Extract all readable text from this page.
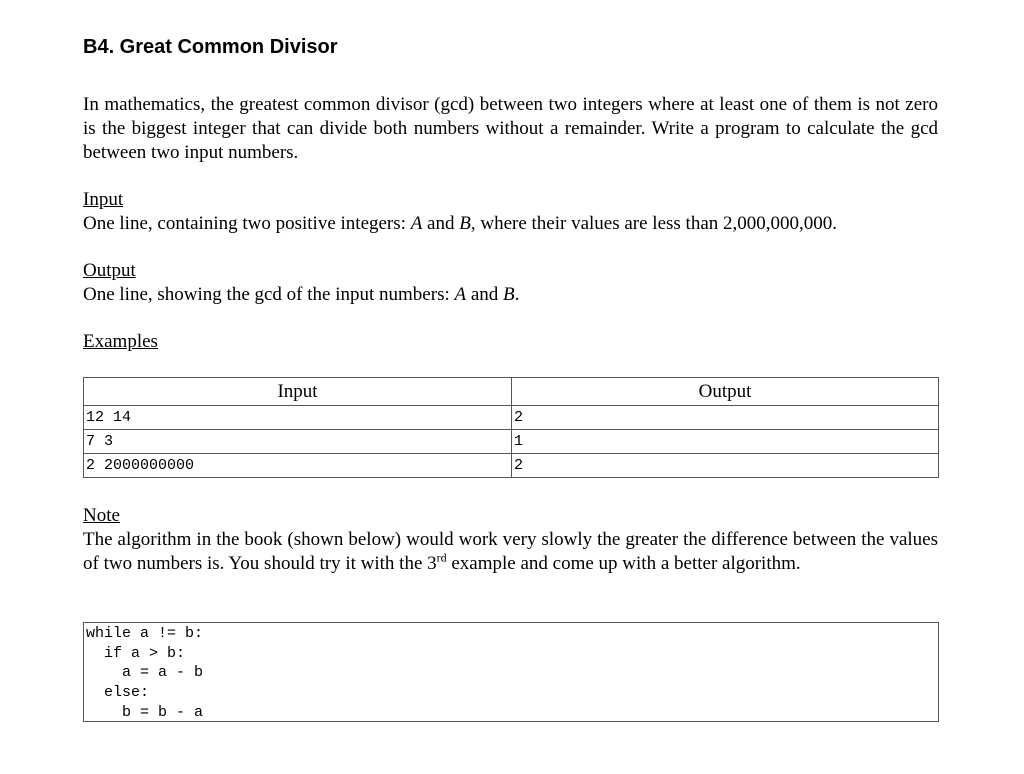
B4. Great Common Divisor
In mathematics, the greatest common divisor (gcd) between two integers where at least one of them is not zero is the biggest integer that can divide both numbers without a remainder. Write a program to calculate the gcd between two input numbers.
Input
One line, containing two positive integers: A and B, where their values are less than 2,000,000,000.
Output
One line, showing the gcd of the input numbers: A and B.
Examples
Input	Output
12 14	2
7 3	1
2 2000000000	2
Note
The algorithm in the book (shown below) would work very slowly the greater the difference between the values of two numbers is. You should try it with the 3rd example and come up with a better algorithm.
while a != b:
if a > b:
a = a - b
else:
b = b - a
